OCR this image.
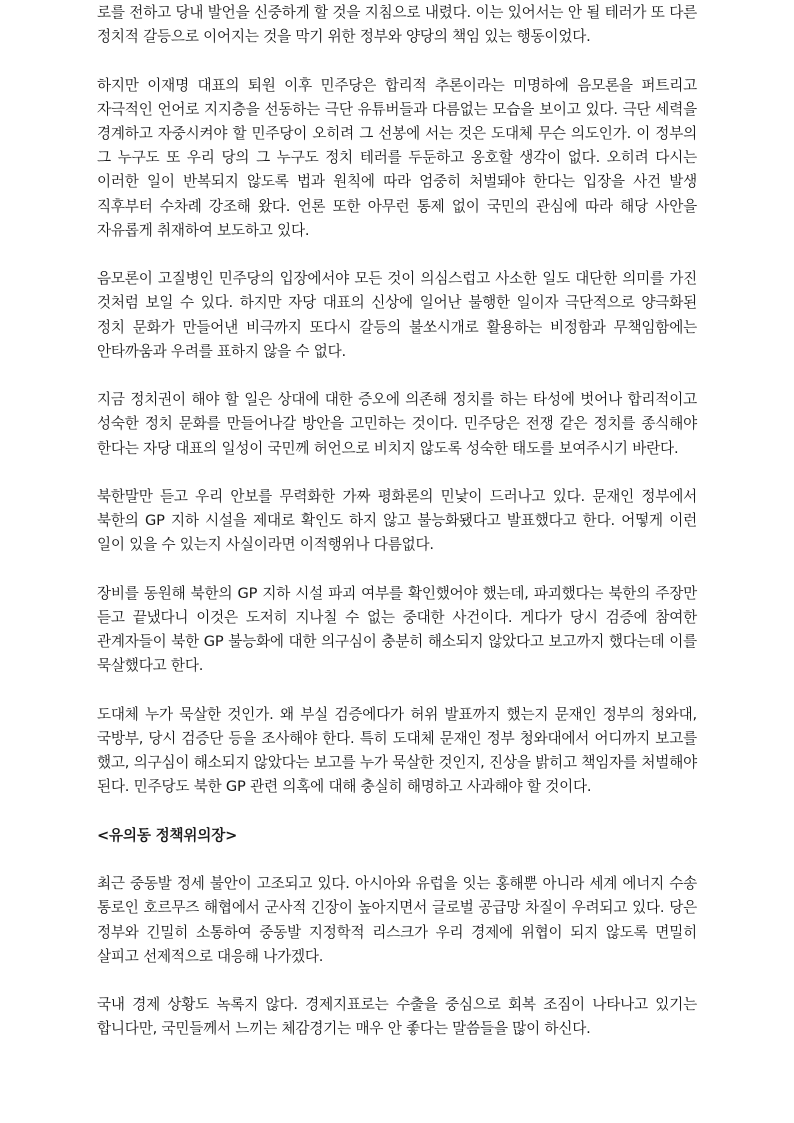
로를 전하고 당내 발언을 신중하게 할 것을 지침으로 내렸다. 이는 있어서는 안 될 테러가 또 다른 정치적 갈등으로 이어지는 것을 막기 위한 정부와 양당의 책임 있는 행동이었다.

하지만 이재명 대표의 퇴원 이후 민주당은 합리적 추론이라는 미명하에 음모론을 퍼트리고 자극적인 언어로 지지층을 선동하는 극단 유튜버들과 다름없는 모습을 보이고 있다. 극단 세력을 경계하고 자중시켜야 할 민주당이 오히려 그 선봉에 서는 것은 도대체 무슨 의도인가. 이 정부의 그 누구도 또 우리 당의 그 누구도 정치 테러를 두둔하고 옹호할 생각이 없다. 오히려 다시는 이러한 일이 반복되지 않도록 법과 원칙에 따라 엄중히 처벌돼야 한다는 입장을 사건 발생 직후부터 수차례 강조해 왔다. 언론 또한 아무런 통제 없이 국민의 관심에 따라 해당 사안을 자유롭게 취재하여 보도하고 있다.

음모론이 고질병인 민주당의 입장에서야 모든 것이 의심스럽고 사소한 일도 대단한 의미를 가진 것처럼 보일 수 있다. 하지만 자당 대표의 신상에 일어난 불행한 일이자 극단적으로 양극화된 정치 문화가 만들어낸 비극까지 또다시 갈등의 불쏘시개로 활용하는 비정함과 무책임함에는 안타까움과 우려를 표하지 않을 수 없다.

지금 정치권이 해야 할 일은 상대에 대한 증오에 의존해 정치를 하는 타성에 벗어나 합리적이고 성숙한 정치 문화를 만들어나갈 방안을 고민하는 것이다. 민주당은 전쟁 같은 정치를 종식해야 한다는 자당 대표의 일성이 국민께 허언으로 비치지 않도록 성숙한 태도를 보여주시기 바란다.

북한말만 듣고 우리 안보를 무력화한 가짜 평화론의 민낯이 드러나고 있다. 문재인 정부에서 북한의 GP 지하 시설을 제대로 확인도 하지 않고 불능화됐다고 발표했다고 한다. 어떻게 이런 일이 있을 수 있는지 사실이라면 이적행위나 다름없다.

장비를 동원해 북한의 GP 지하 시설 파괴 여부를 확인했어야 했는데, 파괴했다는 북한의 주장만 듣고 끝냈다니 이것은 도저히 지나칠 수 없는 중대한 사건이다. 게다가 당시 검증에 참여한 관계자들이 북한 GP 불능화에 대한 의구심이 충분히 해소되지 않았다고 보고까지 했다는데 이를 묵살했다고 한다.

도대체 누가 묵살한 것인가. 왜 부실 검증에다가 허위 발표까지 했는지 문재인 정부의 청와대, 국방부, 당시 검증단 등을 조사해야 한다. 특히 도대체 문재인 정부 청와대에서 어디까지 보고를 했고, 의구심이 해소되지 않았다는 보고를 누가 묵살한 것인지, 진상을 밝히고 책임자를 처벌해야 된다. 민주당도 북한 GP 관련 의혹에 대해 충실히 해명하고 사과해야 할 것이다.

<유의동 정책위의장>

최근 중동발 정세 불안이 고조되고 있다. 아시아와 유럽을 잇는 홍해뿐 아니라 세계 에너지 수송 통로인 호르무즈 해협에서 군사적 긴장이 높아지면서 글로벌 공급망 차질이 우려되고 있다. 당은 정부와 긴밀히 소통하여 중동발 지정학적 리스크가 우리 경제에 위협이 되지 않도록 면밀히 살피고 선제적으로 대응해 나가겠다.

국내 경제 상황도 녹록지 않다. 경제지표로는 수출을 중심으로 회복 조짐이 나타나고 있기는 합니다만, 국민들께서 느끼는 체감경기는 매우 안 좋다는 말씀들을 많이 하신다.
